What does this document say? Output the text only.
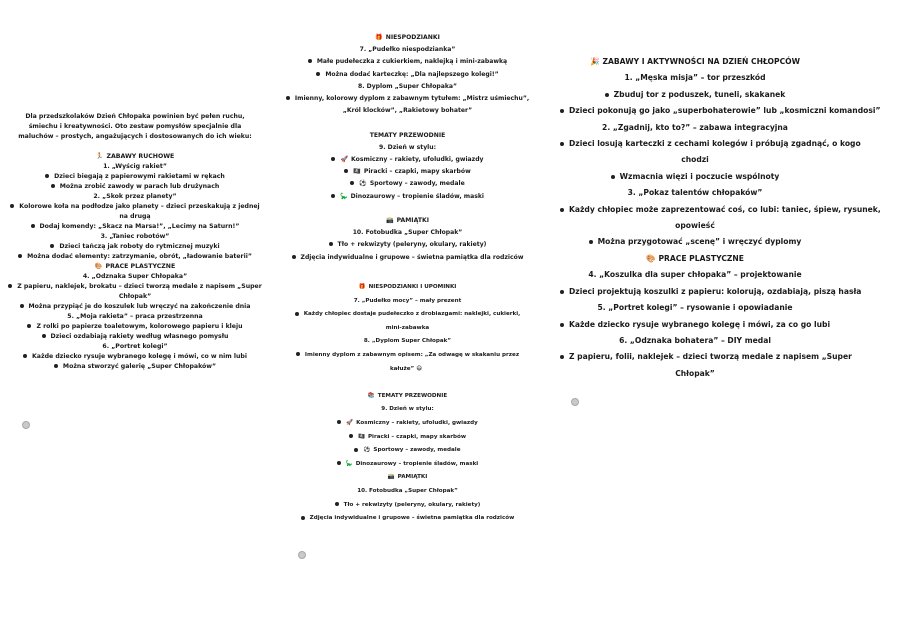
Dla przedszkolaków Dzień Chłopaka powinien być pełen ruchu,
śmiechu i kreatywności. Oto zestaw pomysłów specjalnie dla
maluchów – prostych, angażujących i dostosowanych do ich wieku:

🏃 ZABAWY RUCHOWE
1. „Wyścig rakiet”
Dzieci biegają z papierowymi rakietami w rękach
Można zrobić zawody w parach lub drużynach
2. „Skok przez planety”
Kolorowe koła na podłodze jako planety – dzieci przeskakują z jednej
na drugą
Dodaj komendy: „Skacz na Marsa!”, „Lecimy na Saturn!”
3. „Taniec robotów”
Dzieci tańczą jak roboty do rytmicznej muzyki
Można dodać elementy: zatrzymanie, obrót, „ładowanie baterii”
🎨 PRACE PLASTYCZNE
4. „Odznaka Super Chłopaka”
Z papieru, naklejek, brokatu – dzieci tworzą medale z napisem „Super
Chłopak”
Można przypiąć je do koszulek lub wręczyć na zakończenie dnia
5. „Moja rakieta” – praca przestrzenna
Z rolki po papierze toaletowym, kolorowego papieru i kleju
Dzieci ozdabiają rakiety według własnego pomysłu
6. „Portret kolegi”
Każde dziecko rysuje wybranego kolegę i mówi, co w nim lubi
Można stworzyć galerię „Super Chłopaków”
🎁 NIESPODZIANKI
7. „Pudełko niespodzianka”
Małe pudełeczka z cukierkiem, naklejką i mini-zabawką
Można dodać karteczkę: „Dla najlepszego kolegi!”
8. Dyplom „Super Chłopaka”
Imienny, kolorowy dyplom z zabawnym tytułem: „Mistrz uśmiechu”,
„Król klocków”, „Rakietowy bohater”

TEMATY PRZEWODNIE
9. Dzień w stylu:
🚀 Kosmiczny – rakiety, ufoludki, gwiazdy
🏴‍☠️ Piracki – czapki, mapy skarbów
⚽ Sportowy – zawody, medale
🦕 Dinozaurowy – tropienie śladów, maski

📸 PAMIĄTKI
10. Fotobudka „Super Chłopak”
Tło + rekwizyty (peleryny, okulary, rakiety)
Zdjęcia indywidualne i grupowe – świetna pamiątka dla rodziców
🎁 NIESPODZIANKI I UPOMINKI
7. „Pudełko mocy” – mały prezent
Każdy chłopiec dostaje pudełeczko z drobiazgami: naklejki, cukierki,
mini-zabawka
8. „Dyplom Super Chłopak”
Imienny dyplom z zabawnym opisem: „Za odwagę w skakaniu przez
kałuże” 😄

📚 TEMATY PRZEWODNIE
9. Dzień w stylu:
🚀 Kosmiczny – rakiety, ufoludki, gwiazdy
🏴‍☠️ Piracki – czapki, mapy skarbów
⚽ Sportowy – zawody, medale
🦕 Dinozaurowy – tropienie śladów, maski
📸 PAMIĄTKI
10. Fotobudka „Super Chłopak”
Tło + rekwizyty (peleryny, okulary, rakiety)
Zdjęcia indywidualne i grupowe – świetna pamiątka dla rodziców
🎉 ZABAWY I AKTYWNOŚCI NA DZIEŃ CHŁOPCÓW
1. „Męska misja” – tor przeszkód
Zbuduj tor z poduszek, tuneli, skakanek
Dzieci pokonują go jako „superbohaterowie” lub „kosmiczni komandosi”
2. „Zgadnij, kto to?” – zabawa integracyjna
Dzieci losują karteczki z cechami kolegów i próbują zgadnąć, o kogo
chodzi
Wzmacnia więzi i poczucie wspólnoty
3. „Pokaz talentów chłopaków”
Każdy chłopiec może zaprezentować coś, co lubi: taniec, śpiew, rysunek,
opowieść
Można przygotować „scenę” i wręczyć dyplomy
🎨 PRACE PLASTYCZNE
4. „Koszulka dla super chłopaka” – projektowanie
Dzieci projektują koszulki z papieru: kolorują, ozdabiają, piszą hasła
5. „Portret kolegi” – rysowanie i opowiadanie
Każde dziecko rysuje wybranego kolegę i mówi, za co go lubi
6. „Odznaka bohatera” – DIY medal
Z papieru, folii, naklejek – dzieci tworzą medale z napisem „Super
Chłopak”
